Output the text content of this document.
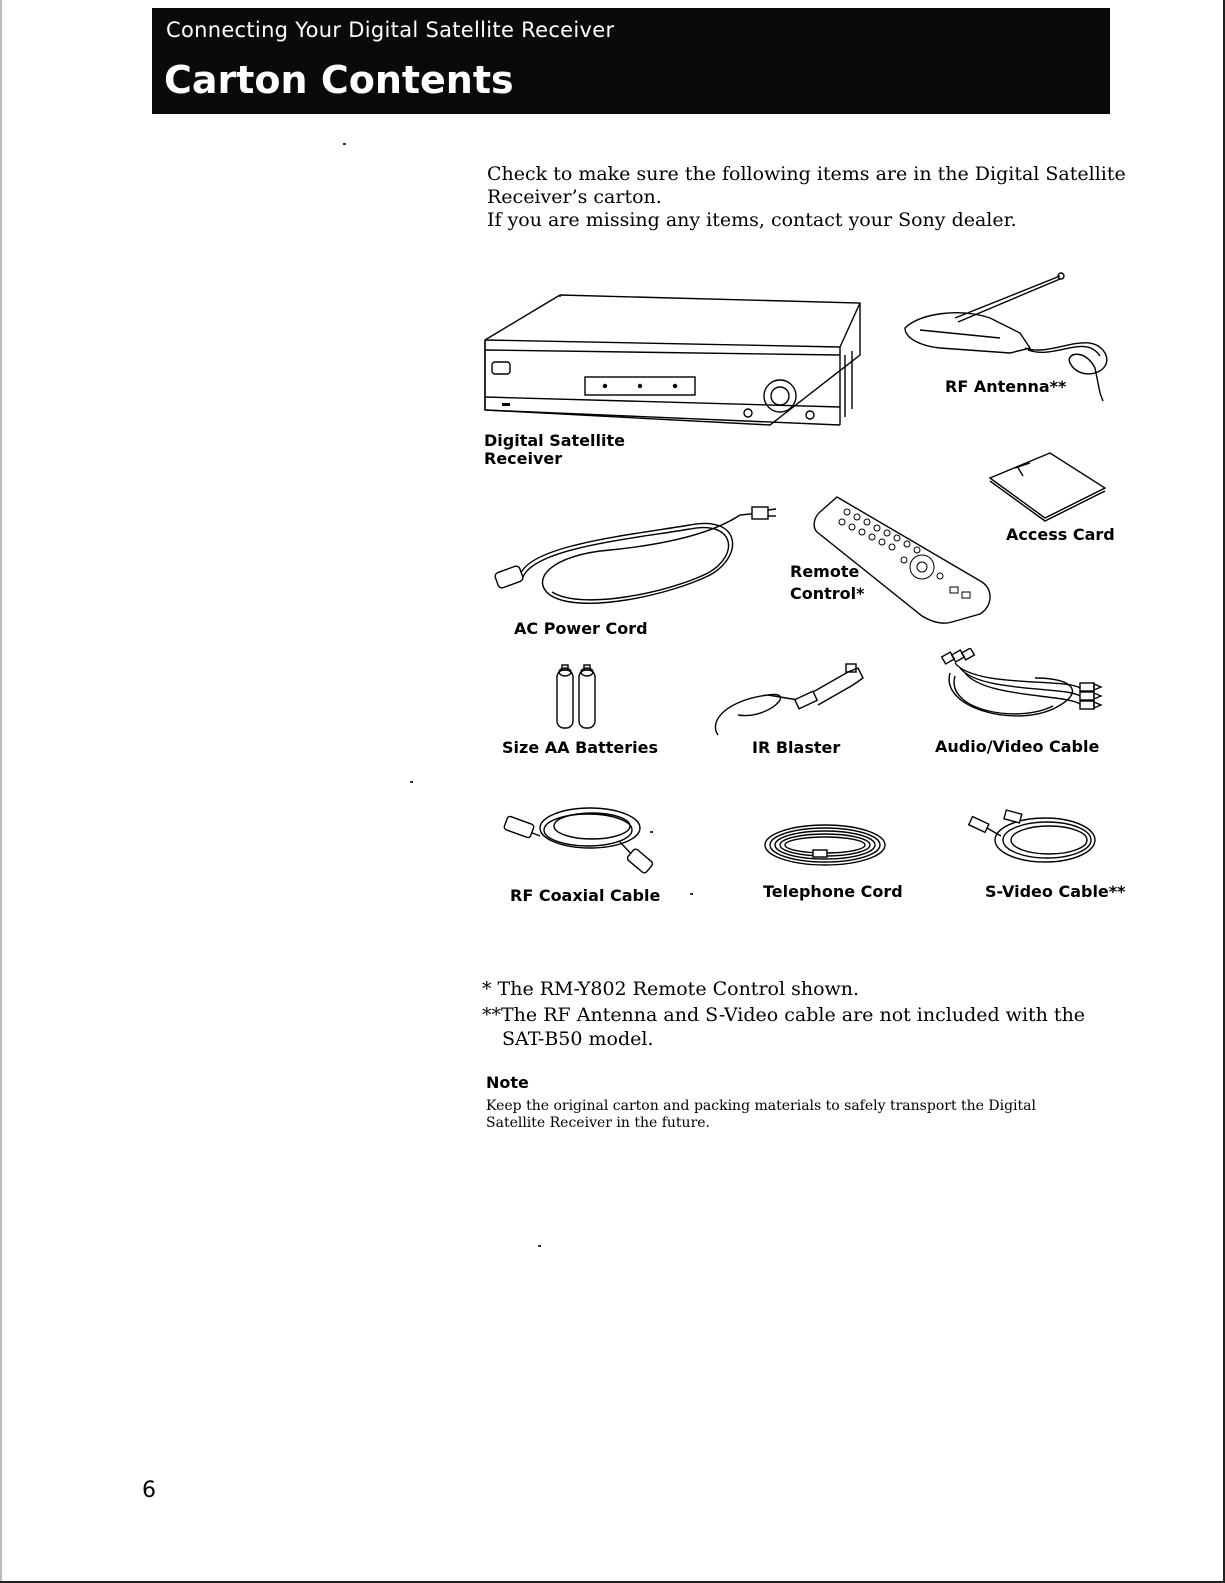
Connecting Your Digital Satellite Receiver
Carton Contents

Check to make sure the following items are in the Digital Satellite Receiver’s carton.

If you are missing any items, contact your Sony dealer.

Digital Satellite
Receiver
RF Antenna**
Access Card
AC Power Cord
Remote
Control*
Size AA Batteries	IR Blaster	Audio/Video Cable
RF Coaxial Cable	Telephone Cord	S-Video Cable**

* The RM-Y802 Remote Control shown.

**The RF Antenna and S-Video cable are not included with the SAT-B50 model.

Note
Keep the original carton and packing materials to safely transport the Digital Satellite Receiver in the future.
6
